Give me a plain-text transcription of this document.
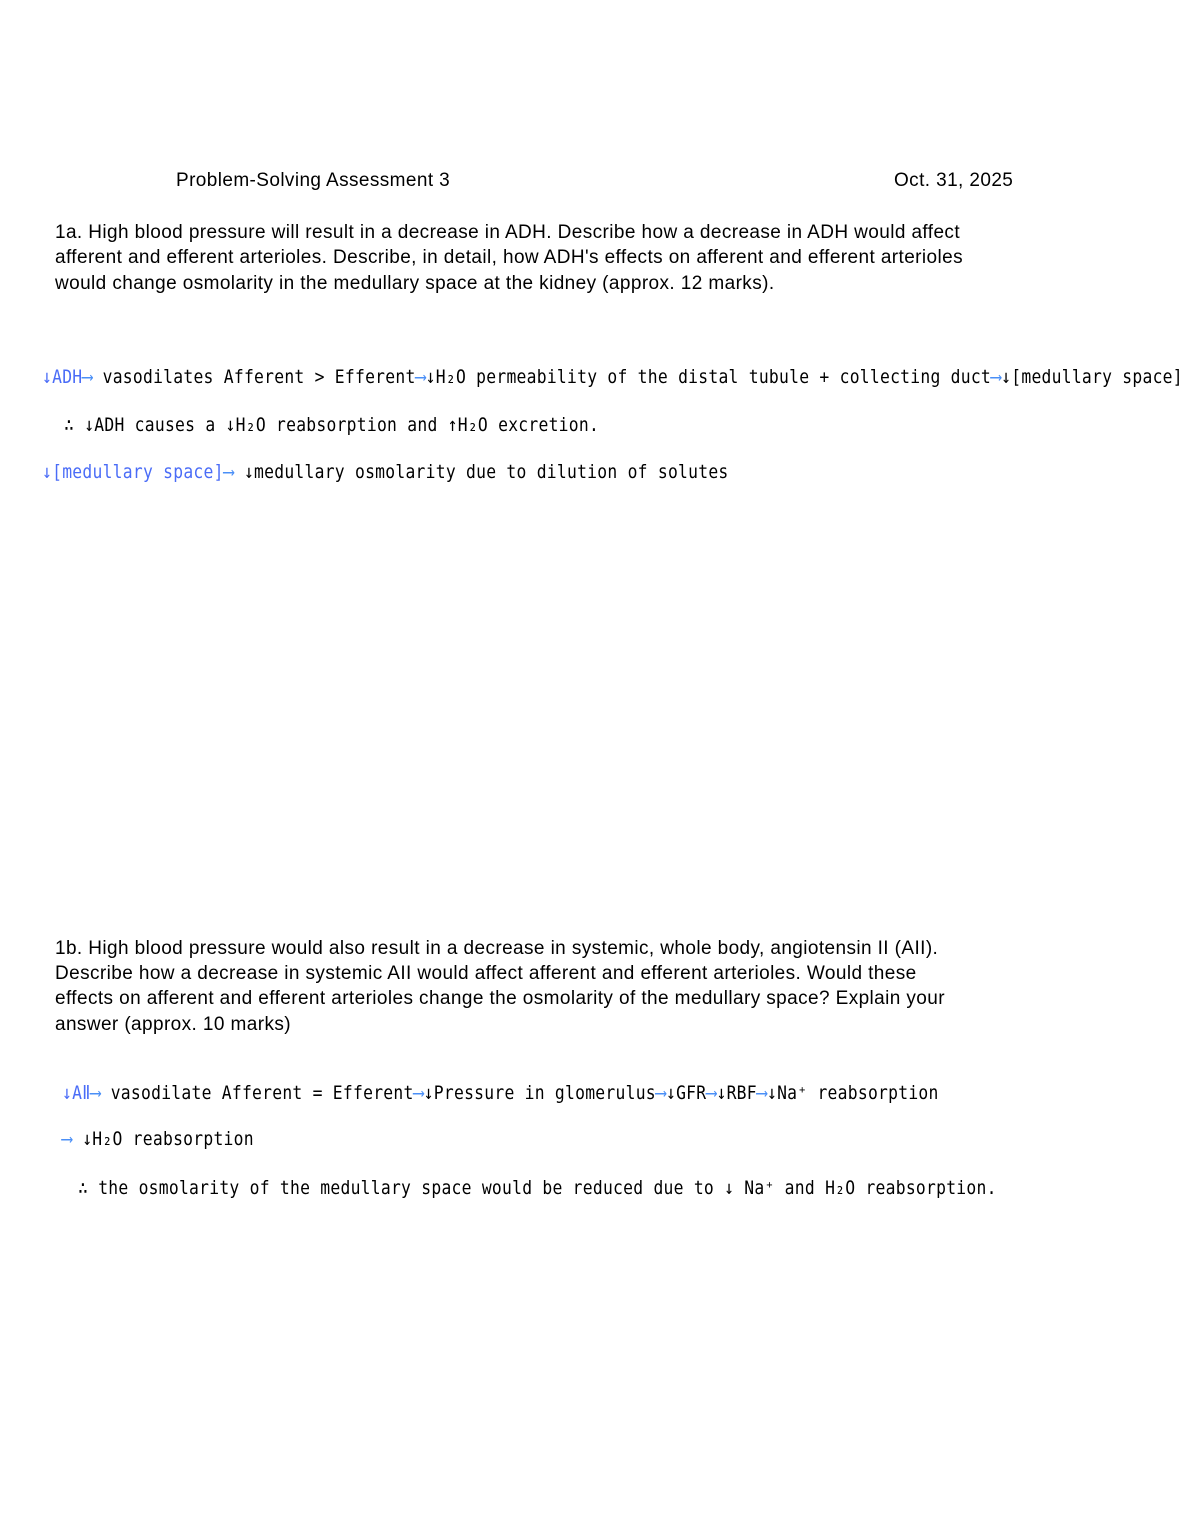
Problem-Solving Assessment 3	Oct. 31, 2025
1a. High blood pressure will result in a decrease in ADH. Describe how a decrease in ADH would affect
afferent and efferent arterioles. Describe, in detail, how ADH's effects on afferent and efferent arterioles
would change osmolarity in the medullary space at the kidney (approx. 12 marks).
↓ADH⟶ vasodilates Afferent > Efferent⟶↓H₂O permeability of the distal tubule + collecting duct⟶↓[medullary space]
∴ ↓ADH causes a ↓H₂O reabsorption and ↑H₂O excretion.
↓[medullary space]⟶ ↓medullary osmolarity due to dilution of solutes
1b. High blood pressure would also result in a decrease in systemic, whole body, angiotensin II (AII).
Describe how a decrease in systemic AII would affect afferent and efferent arterioles. Would these
effects on afferent and efferent arterioles change the osmolarity of the medullary space? Explain your
answer (approx. 10 marks)
↓AⅡ⟶ vasodilate Afferent = Efferent⟶↓Pressure in glomerulus⟶↓GFR⟶↓RBF⟶↓Na⁺ reabsorption
⟶ ↓H₂O reabsorption
∴ the osmolarity of the medullary space would be reduced due to ↓ Na⁺ and H₂O reabsorption.
